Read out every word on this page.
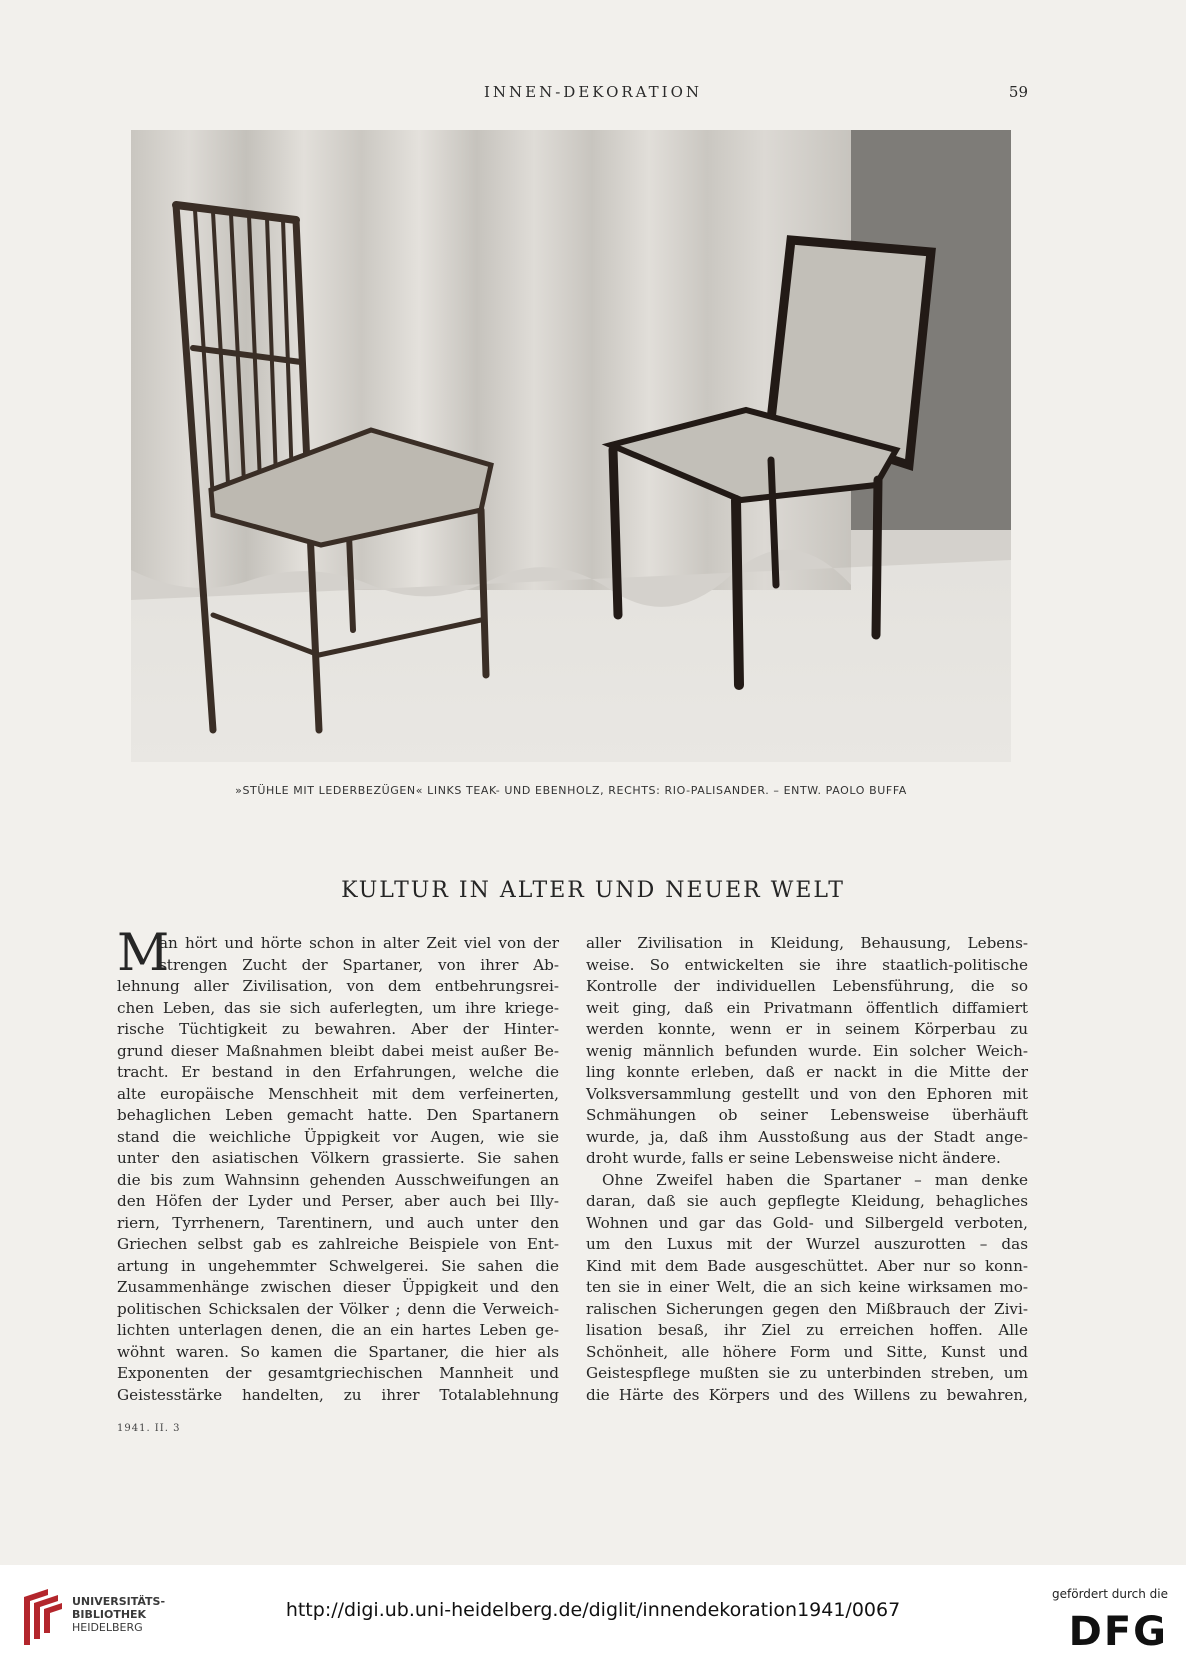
INNEN-DEKORATION	59
»STÜHLE MIT LEDERBEZÜGEN« LINKS TEAK- UND EBENHOLZ, RECHTS: RIO-PALISANDER. – ENTW. PAOLO BUFFA
KULTUR IN ALTER UND NEUER WELT
M
an hört und hörte schon in alter Zeit viel von der
strengen Zucht der Spartaner, von ihrer Ab-
lehnung aller Zivilisation, von dem entbehrungsrei-
chen Leben, das sie sich auferlegten, um ihre kriege-
rische Tüchtigkeit zu bewahren. Aber der Hinter-
grund dieser Maßnahmen bleibt dabei meist außer Be-
tracht. Er bestand in den Erfahrungen, welche die
alte europäische Menschheit mit dem verfeinerten,
behaglichen Leben gemacht hatte. Den Spartanern
stand die weichliche Üppigkeit vor Augen, wie sie
unter den asiatischen Völkern grassierte. Sie sahen
die bis zum Wahnsinn gehenden Ausschweifungen an
den Höfen der Lyder und Perser, aber auch bei Illy-
riern, Tyrrhenern, Tarentinern, und auch unter den
Griechen selbst gab es zahlreiche Beispiele von Ent-
artung in ungehemmter Schwelgerei. Sie sahen die
Zusammenhänge zwischen dieser Üppigkeit und den
politischen Schicksalen der Völker ; denn die Verweich-
lichten unterlagen denen, die an ein hartes Leben ge-
wöhnt waren. So kamen die Spartaner, die hier als
Exponenten der gesamtgriechischen Mannheit und
Geistesstärke handelten, zu ihrer Totalablehnung
aller Zivilisation in Kleidung, Behausung, Lebens-
weise. So entwickelten sie ihre staatlich-politische
Kontrolle der individuellen Lebensführung, die so
weit ging, daß ein Privatmann öffentlich diffamiert
werden konnte, wenn er in seinem Körperbau zu
wenig männlich befunden wurde. Ein solcher Weich-
ling konnte erleben, daß er nackt in die Mitte der
Volksversammlung gestellt und von den Ephoren mit
Schmähungen ob seiner Lebensweise überhäuft
wurde, ja, daß ihm Ausstoßung aus der Stadt ange-
droht wurde, falls er seine Lebensweise nicht ändere.
Ohne Zweifel haben die Spartaner – man denke
daran, daß sie auch gepflegte Kleidung, behagliches
Wohnen und gar das Gold- und Silbergeld verboten,
um den Luxus mit der Wurzel auszurotten – das
Kind mit dem Bade ausgeschüttet. Aber nur so konn-
ten sie in einer Welt, die an sich keine wirksamen mo-
ralischen Sicherungen gegen den Mißbrauch der Zivi-
lisation besaß, ihr Ziel zu erreichen hoffen. Alle
Schönheit, alle höhere Form und Sitte, Kunst und
Geistespflege mußten sie zu unterbinden streben, um
die Härte des Körpers und des Willens zu bewahren,
1941. II. 3
UNIVERSITÄTS-
BIBLIOTHEK
HEIDELBERG
http://digi.ub.uni-heidelberg.de/diglit/innendekoration1941/0067
gefördert durch die
DFG
